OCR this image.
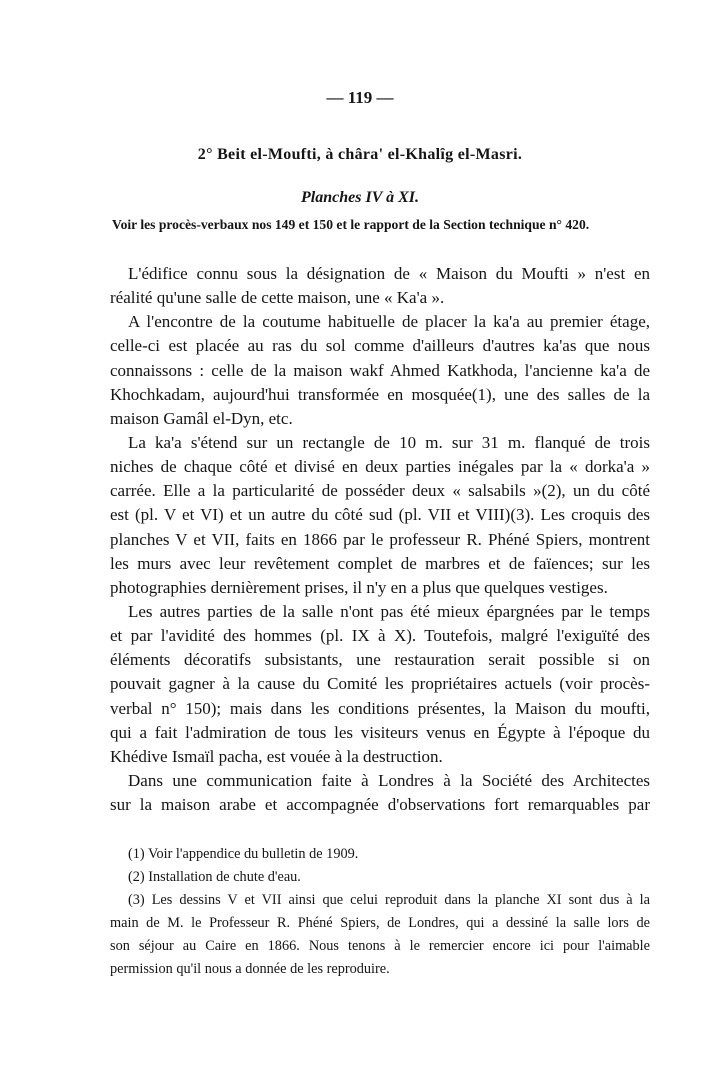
— 119 —
2° Beit el-Moufti, à châra' el-Khalîg el-Masri.
Planches IV à XI.
Voir les procès-verbaux nos 149 et 150 et le rapport de la Section technique n° 420.
L'édifice connu sous la désignation de « Maison du Moufti » n'est en
réalité qu'une salle de cette maison, une « Ka'a ».
A l'encontre de la coutume habituelle de placer la ka'a au premier étage,
celle-ci est placée au ras du sol comme d'ailleurs d'autres ka'as que nous
connaissons : celle de la maison wakf Ahmed Katkhoda, l'ancienne ka'a de
Khochkadam, aujourd'hui transformée en mosquée(1), une des salles de la
maison Gamâl el-Dyn, etc.
La ka'a s'étend sur un rectangle de 10 m. sur 31 m. flanqué de trois
niches de chaque côté et divisé en deux parties inégales par la « dorka'a »
carrée. Elle a la particularité de posséder deux « salsabils »(2), un du côté
est (pl. V et VI) et un autre du côté sud (pl. VII et VIII)(3). Les croquis des
planches V et VII, faits en 1866 par le professeur R. Phéné Spiers, montrent
les murs avec leur revêtement complet de marbres et de faïences; sur les
photographies dernièrement prises, il n'y en a plus que quelques vestiges.
Les autres parties de la salle n'ont pas été mieux épargnées par le temps
et par l'avidité des hommes (pl. IX à X). Toutefois, malgré l'exiguïté des
éléments décoratifs subsistants, une restauration serait possible si on
pouvait gagner à la cause du Comité les propriétaires actuels (voir procès-
verbal n° 150); mais dans les conditions présentes, la Maison du moufti,
qui a fait l'admiration de tous les visiteurs venus en Égypte à l'époque du
Khédive Ismaïl pacha, est vouée à la destruction.
Dans une communication faite à Londres à la Société des Architectes
sur la maison arabe et accompagnée d'observations fort remarquables par
(1) Voir l'appendice du bulletin de 1909.
(2) Installation de chute d'eau.
(3) Les dessins V et VII ainsi que celui reproduit dans la planche XI sont dus à la
main de M. le Professeur R. Phéné Spiers, de Londres, qui a dessiné la salle lors de
son séjour au Caire en 1866. Nous tenons à le remercier encore ici pour l'aimable
permission qu'il nous a donnée de les reproduire.
